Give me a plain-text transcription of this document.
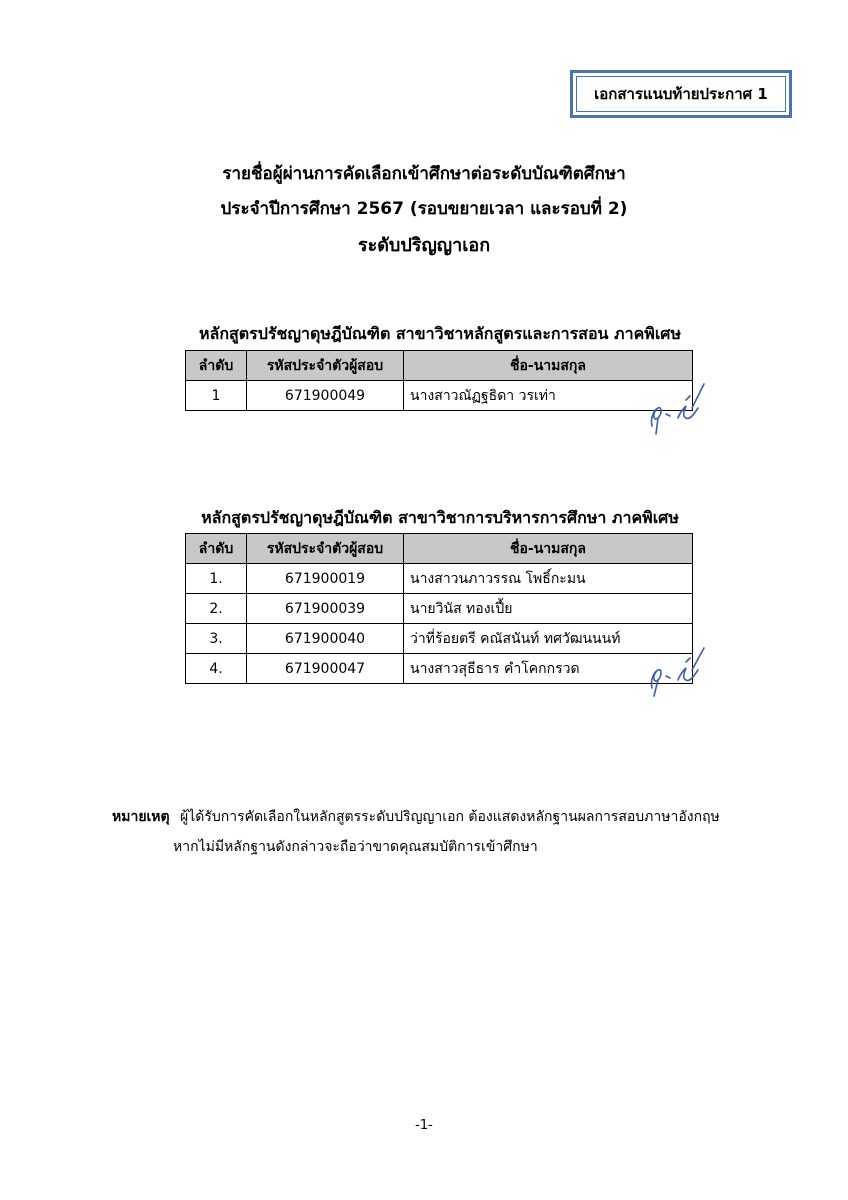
เอกสารแนบท้ายประกาศ 1
รายชื่อผู้ผ่านการคัดเลือกเข้าศึกษาต่อระดับบัณฑิตศึกษา
ประจำปีการศึกษา 2567 (รอบขยายเวลา และรอบที่ 2)
ระดับปริญญาเอก
หลักสูตรปรัชญาดุษฎีบัณฑิต สาขาวิชาหลักสูตรและการสอน ภาคพิเศษ
ลำดับ	รหัสประจำตัวผู้สอบ	ชื่อ-นามสกุล
1	671900049	นางสาวณัฏฐธิดา วรเท่า
หลักสูตรปรัชญาดุษฎีบัณฑิต สาขาวิชาการบริหารการศึกษา ภาคพิเศษ
ลำดับ	รหัสประจำตัวผู้สอบ	ชื่อ-นามสกุล
1.	671900019	นางสาวนภาวรรณ โพธิ์กะมน
2.	671900039	นายวินัส ทองเปี้ย
3.	671900040	ว่าที่ร้อยตรี คณัสนันท์ ทศวัฒนนนท์
4.	671900047	นางสาวสุธีธาร คำโคกกรวด
หมายเหตุ ผู้ได้รับการคัดเลือกในหลักสูตรระดับปริญญาเอก ต้องแสดงหลักฐานผลการสอบภาษาอังกฤษ
หากไม่มีหลักฐานดังกล่าวจะถือว่าขาดคุณสมบัติการเข้าศึกษา
-1-
